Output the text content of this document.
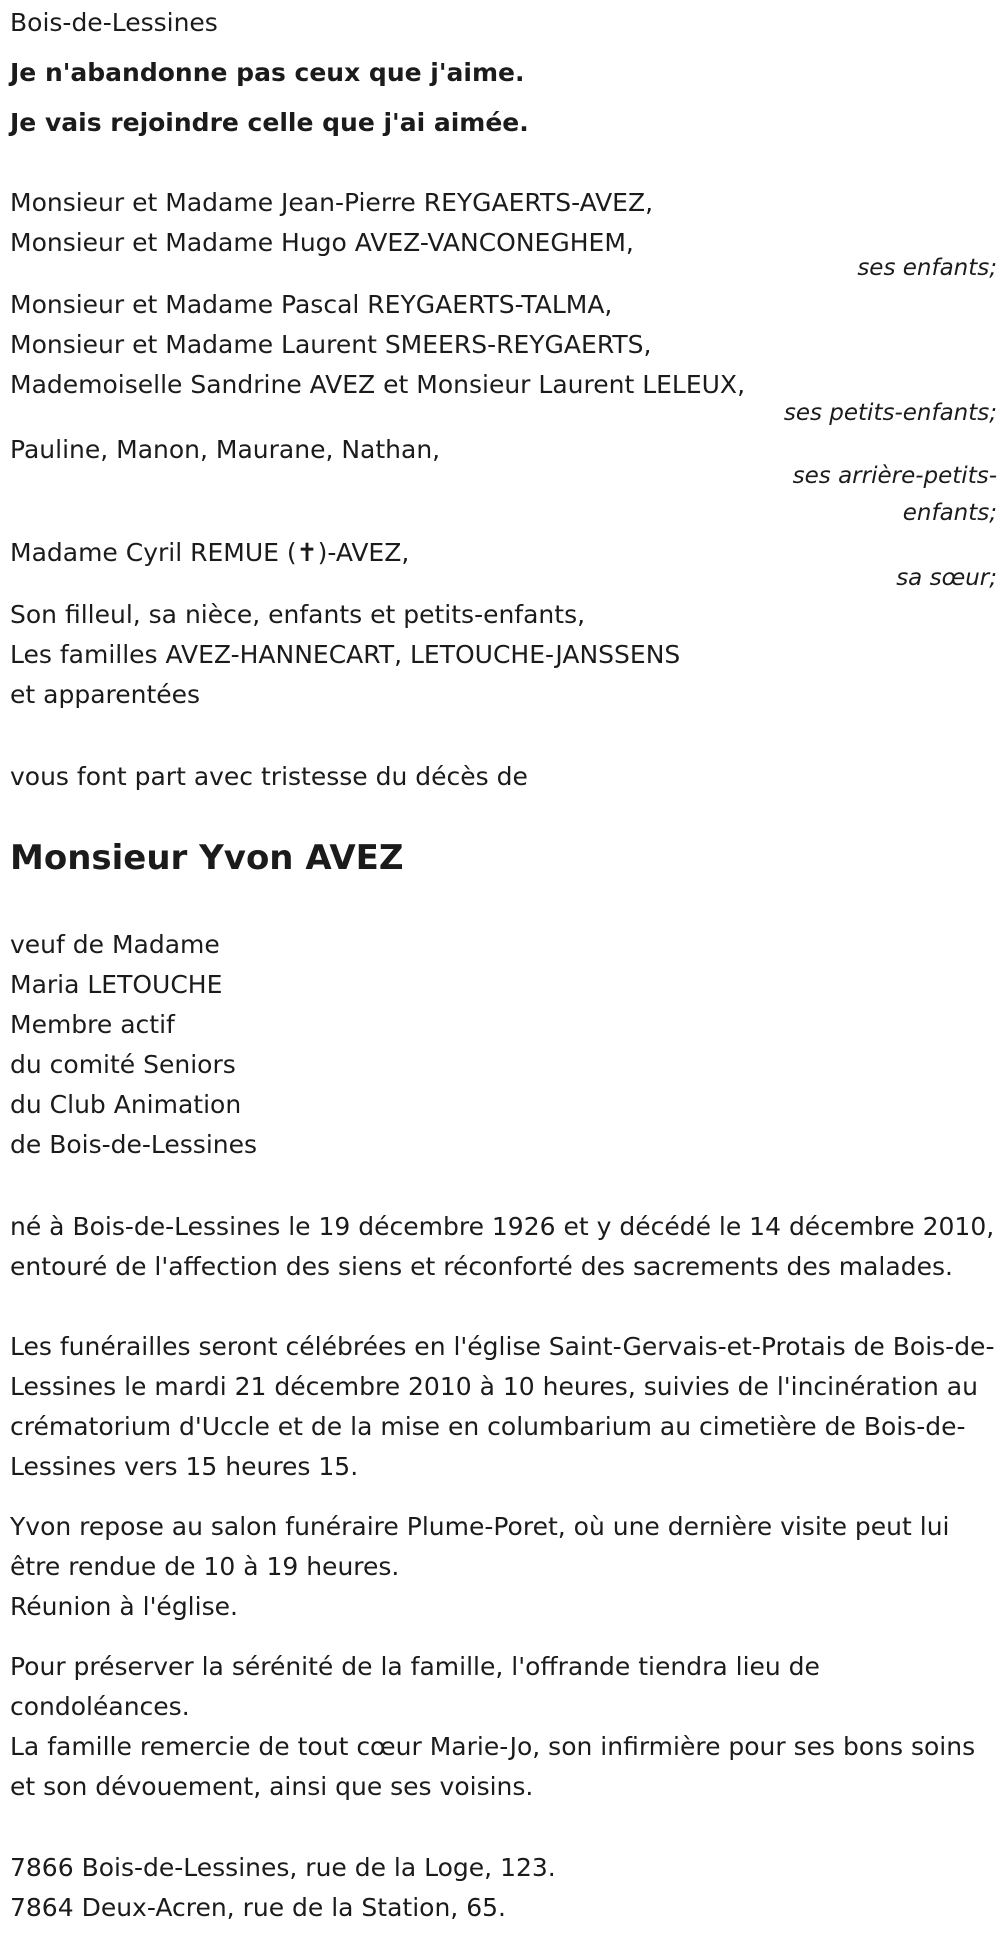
Bois-de-Lessines

Je n'abandonne pas ceux que j'aime.

Je vais rejoindre celle que j'ai aimée.

Monsieur et Madame Jean-Pierre REYGAERTS-AVEZ,

Monsieur et Madame Hugo AVEZ-VANCONEGHEM,

ses enfants;

Monsieur et Madame Pascal REYGAERTS-TALMA,

Monsieur et Madame Laurent SMEERS-REYGAERTS,

Mademoiselle Sandrine AVEZ et Monsieur Laurent LELEUX,

ses petits-enfants;

Pauline, Manon, Maurane, Nathan,

ses arrière-petits-

enfants;

Madame Cyril REMUE (✝)-AVEZ,

sa sœur;

Son filleul, sa nièce, enfants et petits-enfants,

Les familles AVEZ-HANNECART, LETOUCHE-JANSSENS

et apparentées

vous font part avec tristesse du décès de

Monsieur Yvon AVEZ

veuf de Madame

Maria LETOUCHE

Membre actif

du comité Seniors

du Club Animation

de Bois-de-Lessines

né à Bois-de-Lessines le 19 décembre 1926 et y décédé le 14 décembre 2010, entouré de l'affection des siens et réconforté des sacrements des malades.

Les funérailles seront célébrées en l'église Saint-Gervais-et-Protais de Bois-de-Lessines le mardi 21 décembre 2010 à 10 heures, suivies de l'incinération au crématorium d'Uccle et de la mise en columbarium au cimetière de Bois-de-Lessines vers 15 heures 15.

Yvon repose au salon funéraire Plume-Poret, où une dernière visite peut lui être rendue de 10 à 19 heures.

Réunion à l'église.

Pour préserver la sérénité de la famille, l'offrande tiendra lieu de condoléances.

La famille remercie de tout cœur Marie-Jo, son infirmière pour ses bons soins et son dévouement, ainsi que ses voisins.

7866 Bois-de-Lessines, rue de la Loge, 123.

7864 Deux-Acren, rue de la Station, 65.
